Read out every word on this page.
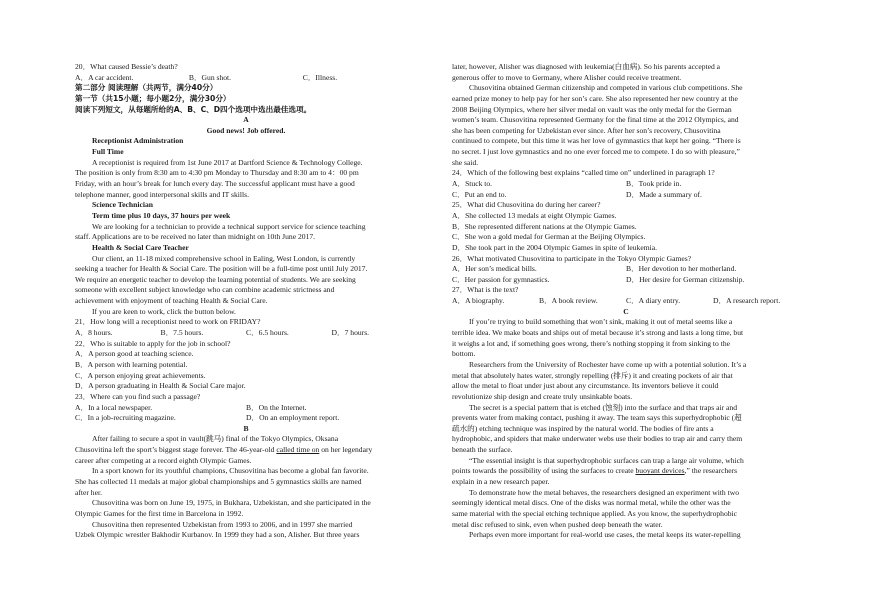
20．What caused Bessie’s death?
A．A car accident.	B．Gun shot.	C．Illness.
第二部分 阅读理解（共两节，满分40分）
第一节（共15小题；每小题2分，满分30分）
阅读下列短文，从每题所给的A、B、C、D四个选项中选出最佳选项。
A
Good news! Job offered.
Receptionist Administration
Full Time
A receptionist is required from 1st June 2017 at Dartford Science & Technology College.
The position is only from 8:30 am to 4:30 pm Monday to Thursday and 8:30 am to 4：00 pm
Friday, with an hour’s break for lunch every day. The successful applicant must have a good
telephone manner, good interpersonal skills and IT skills.
Science Technician
Term time plus 10 days, 37 hours per week
We are looking for a technician to provide a technical support service for science teaching
staff. Applications are to be received no later than midnight on 10th June 2017.
Health & Social Care Teacher
Our client, an 11-18 mixed comprehensive school in Ealing, West London, is currently
seeking a teacher for Health & Social Care. The position will be a full-time post until July 2017.
We require an energetic teacher to develop the learning potential of students. We are seeking
someone with excellent subject knowledge who can combine academic strictness and
achievement with enjoyment of teaching Health & Social Care.
If you are keen to work, click the button below.
21．How long will a receptionist need to work on FRIDAY?
A．8 hours.	B．7.5 hours.	C．6.5 hours.	D．7 hours.
22．Who is suitable to apply for the job in school?
A．A person good at teaching science.
B．A person with learning potential.
C．A person enjoying great achievements.
D．A person graduating in Health & Social Care major.
23．Where can you find such a passage?
A．In a local newspaper.	B．On the Internet.
C．In a job-recruiting magazine.	D．On an employment report.
B
After failing to secure a spot in vault(跳马) final of the Tokyo Olympics, Oksana
Chusovitina left the sport’s biggest stage forever. The 46-year-old called time on on her legendary
career after competing at a record eighth Olympic Games.
In a sport known for its youthful champions, Chusovitina has become a global fan favorite.
She has collected 11 medals at major global championships and 5 gymnastics skills are named
after her.
Chusovitina was born on June 19, 1975, in Bukhara, Uzbekistan, and she participated in the
Olympic Games for the first time in Barcelona in 1992.
Chusovitina then represented Uzbekistan from 1993 to 2006, and in 1997 she married
Uzbek Olympic wrestler Bakhodir Kurbanov. In 1999 they had a son, Alisher. But three years
later, however, Alisher was diagnosed with leukemia(白血病). So his parents accepted a
generous offer to move to Germany, where Alisher could receive treatment.
Chusovitina obtained German citizenship and competed in various club competitions. She
earned prize money to help pay for her son’s care. She also represented her new country at the
2008 Beijing Olympics, where her silver medal on vault was the only medal for the German
women’s team. Chusovitina represented Germany for the final time at the 2012 Olympics, and
she has been competing for Uzbekistan ever since. After her son’s recovery, Chusovitina
continued to compete, but this time it was her love of gymnastics that kept her going. “There is
no secret. I just love gymnastics and no one ever forced me to compete. I do so with pleasure,”
she said.
24．Which of the following best explains “called time on” underlined in paragraph 1?
A．Stuck to.	B．Took pride in.
C．Put an end to.	D．Made a summary of.
25．What did Chusovitina do during her career?
A．She collected 13 medals at eight Olympic Games.
B．She represented different nations at the Olympic Games.
C．She won a gold medal for German at the Beijing Olympics.
D．She took part in the 2004 Olympic Games in spite of leukemia.
26．What motivated Chusovitina to participate in the Tokyo Olympic Games?
A．Her son’s medical bills.	B．Her devotion to her motherland.
C．Her passion for gymnastics.	D．Her desire for German citizenship.
27．What is the text?
A．A biography.	B．A book review.	C．A diary entry.	D．A research report.
C
If you’re trying to build something that won’t sink, making it out of metal seems like a
terrible idea. We make boats and ships out of metal because it’s strong and lasts a long time, but
it weighs a lot and, if something goes wrong, there’s nothing stopping it from sinking to the
bottom.
Researchers from the University of Rochester have come up with a potential solution. It’s a
metal that absolutely hates water, strongly repelling (排斥) it and creating pockets of air that
allow the metal to float under just about any circumstance. Its inventors believe it could
revolutionize ship design and create truly unsinkable boats.
The secret is a special pattern that is etched (蚀刻) into the surface and that traps air and
prevents water from making contact, pushing it away. The team says this superhydrophobic (超
疏水的) etching technique was inspired by the natural world. The bodies of fire ants a
hydrophobic, and spiders that make underwater webs use their bodies to trap air and carry them
beneath the surface.
“The essential insight is that superhydrophobic surfaces can trap a large air volume, which
points towards the possibility of using the surfaces to create buoyant devices,” the researchers
explain in a new research paper.
To demonstrate how the metal behaves, the researchers designed an experiment with two
seemingly identical metal discs. One of the disks was normal metal, while the other was the
same material with the special etching technique applied. As you know, the superhydrophobic
metal disc refused to sink, even when pushed deep beneath the water.
Perhaps even more important for real-world use cases, the metal keeps its water-repelling
